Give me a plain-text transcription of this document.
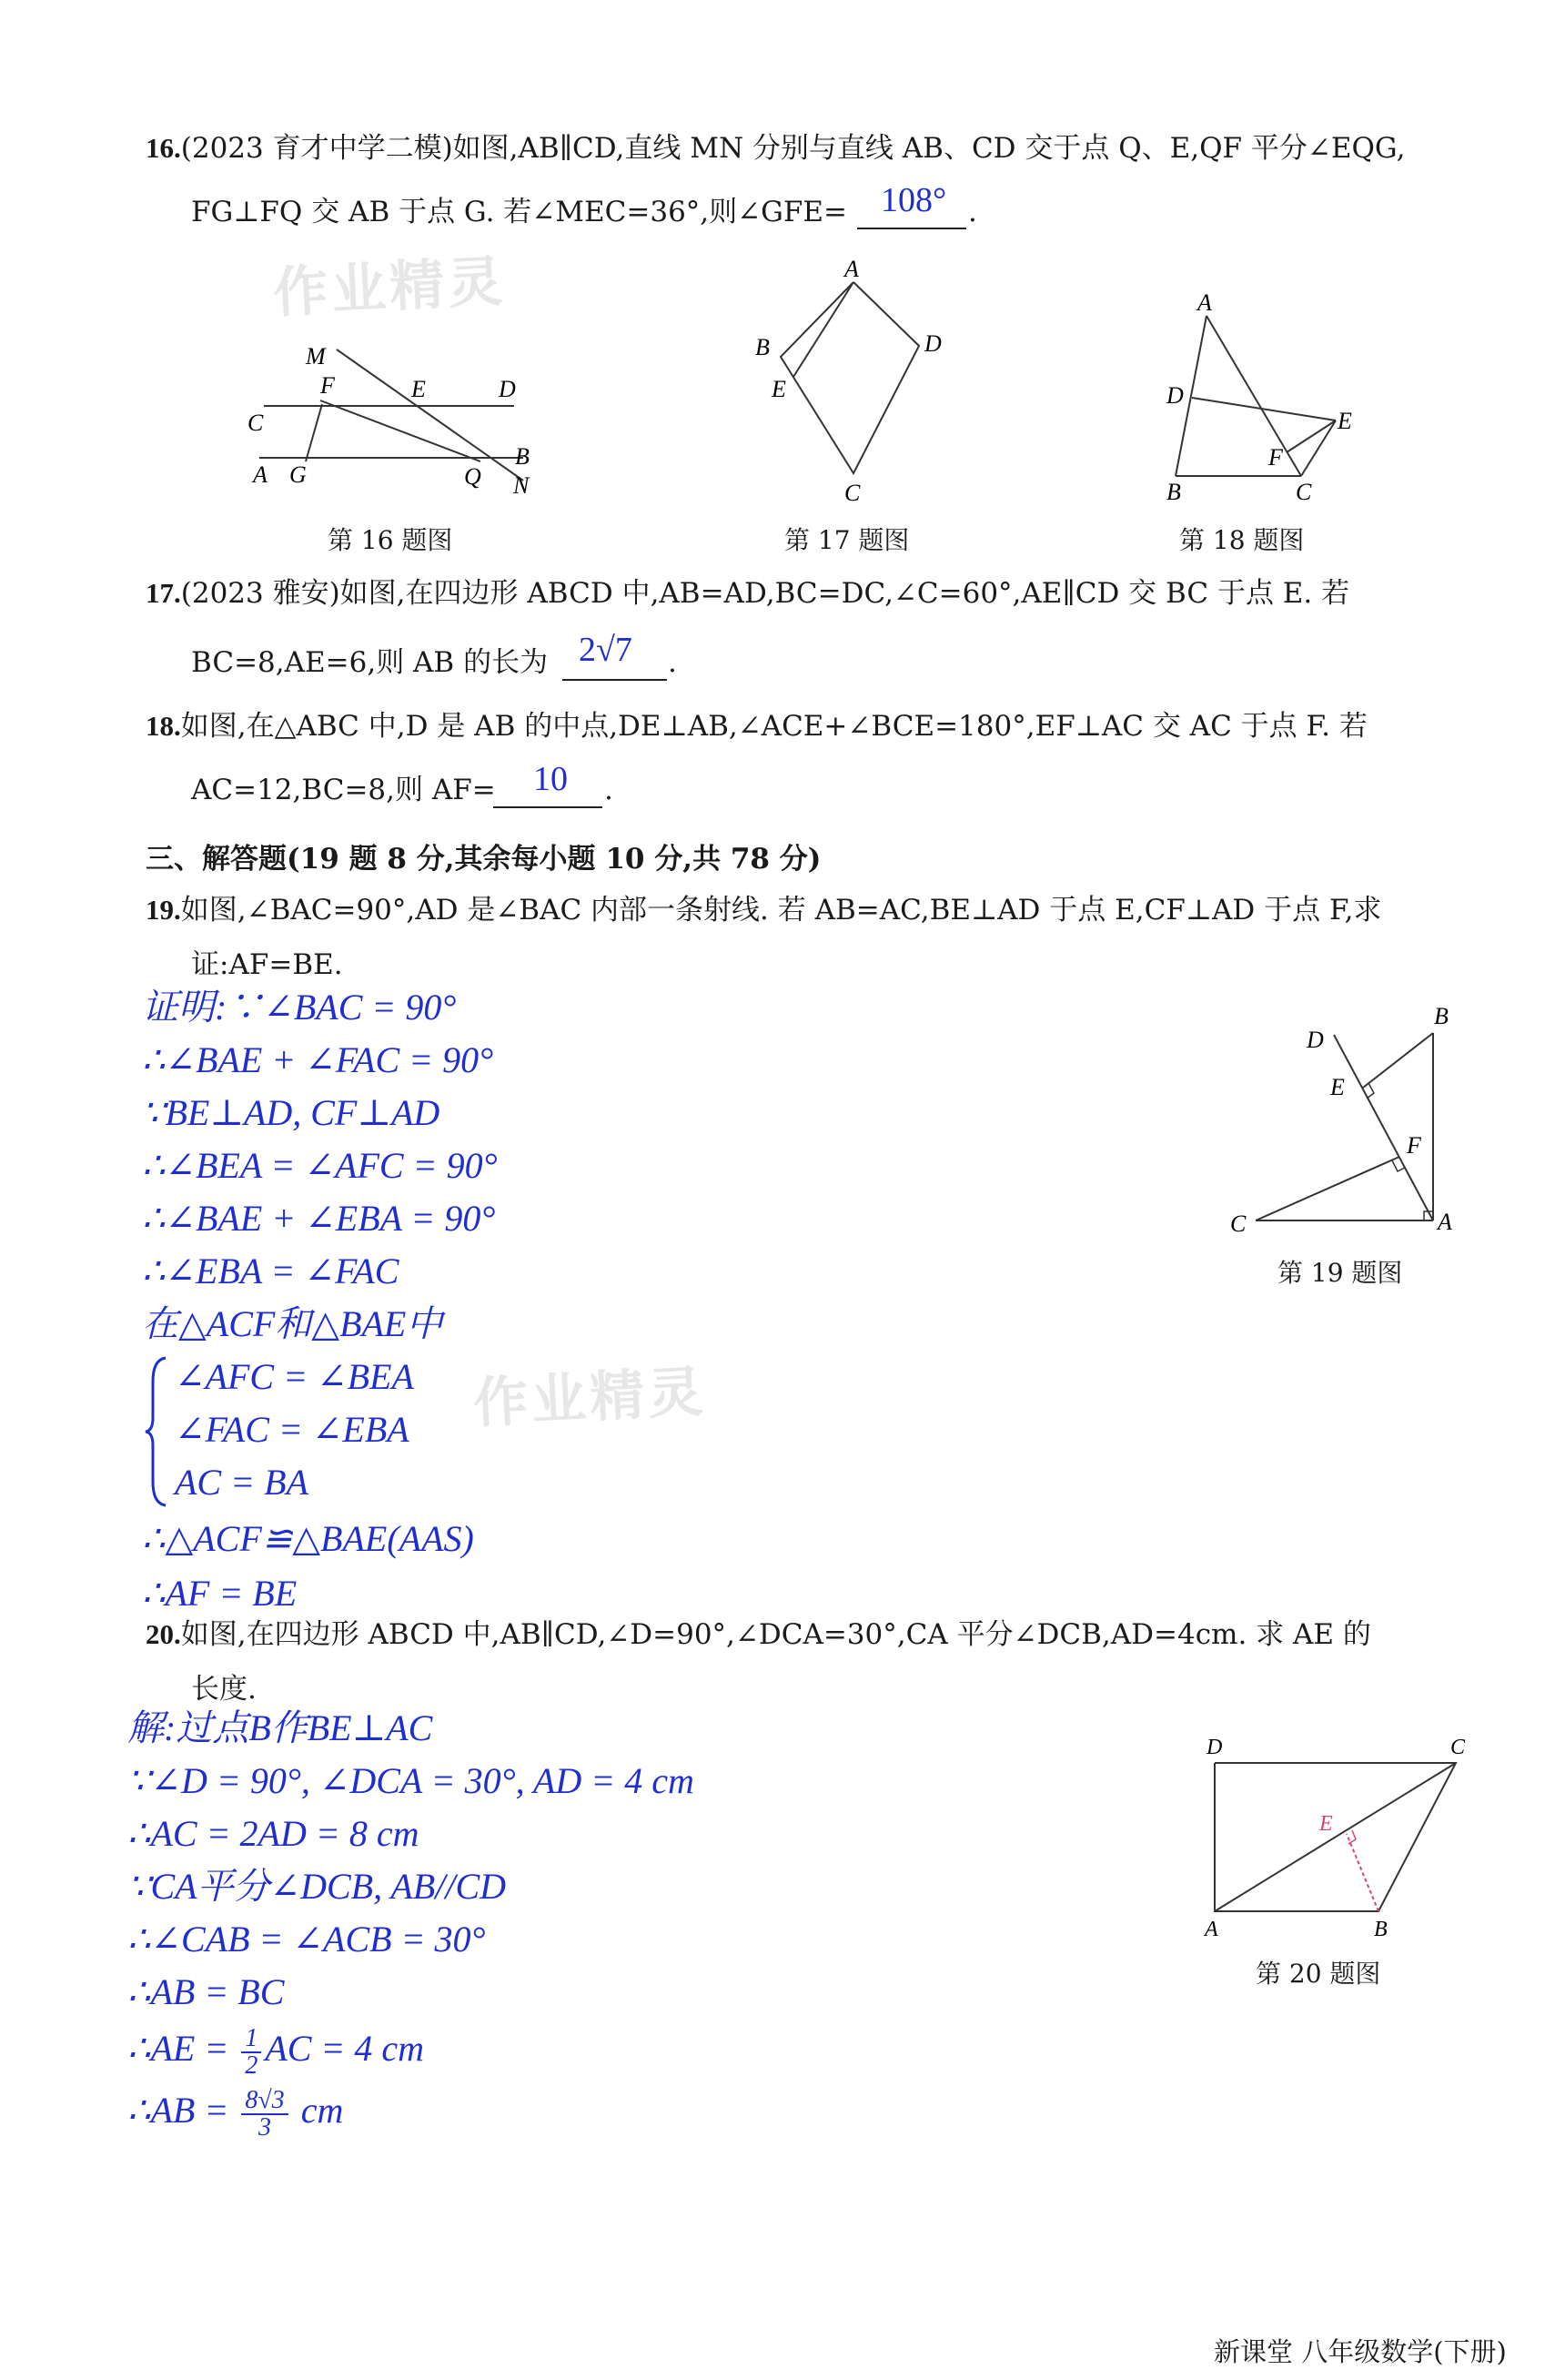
作业精灵
作业精灵
16.(2023 育才中学二模)如图,AB∥CD,直线 MN 分别与直线 AB、CD 交于点 Q、E,QF 平分∠EQG,
FG⊥FQ 交 AB 于点 G. 若∠MEC=36°,则∠GFE= 108° .
M
F	E	D
C
A G	Q
B
N
第 16 题图
A
B	D
E
C
第 17 题图
A
D
E
F
B	C
第 18 题图
17.(2023 雅安)如图,在四边形 ABCD 中,AB=AD,BC=DC,∠C=60°,AE∥CD 交 BC 于点 E. 若
BC=8,AE=6,则 AB 的长为 2√7 .
18.如图,在△ABC 中,D 是 AB 的中点,DE⊥AB,∠ACE+∠BCE=180°,EF⊥AC 交 AC 于点 F. 若
AC=12,BC=8,则 AF= 10 .
三、解答题(19 题 8 分,其余每小题 10 分,共 78 分)
19.如图,∠BAC=90°,AD 是∠BAC 内部一条射线. 若 AB=AC,BE⊥AD 于点 E,CF⊥AD 于点 F,求
证:AF=BE.
证明:∵∠BAC = 90°
∴∠BAE + ∠FAC = 90°
∵BE⊥AD, CF⊥AD
∴∠BEA = ∠AFC = 90°
∴∠BAE + ∠EBA = 90°
∴∠EBA = ∠FAC
在△ACF和△BAE中
∠AFC = ∠BEA
∠FAC = ∠EBA
AC = BA
∴△ACF≌△BAE(AAS)
∴AF = BE
B
D
E
F
C	A
第 19 题图
20.如图,在四边形 ABCD 中,AB∥CD,∠D=90°,∠DCA=30°,CA 平分∠DCB,AD=4cm. 求 AE 的
长度.
解:过点B作BE⊥AC
∵∠D = 90°, ∠DCA = 30°, AD = 4 cm
∴AC = 2AD = 8 cm
∵CA平分∠DCB, AB//CD
∴∠CAB = ∠ACB = 30°
∴AB = BC
∴AE = $\frac{1}{2}$ AC = 4 cm
∴AB = $\frac{8√3}{3}$ cm
D	C
E
A	B
第 20 题图
新课堂 八年级数学(下册)
